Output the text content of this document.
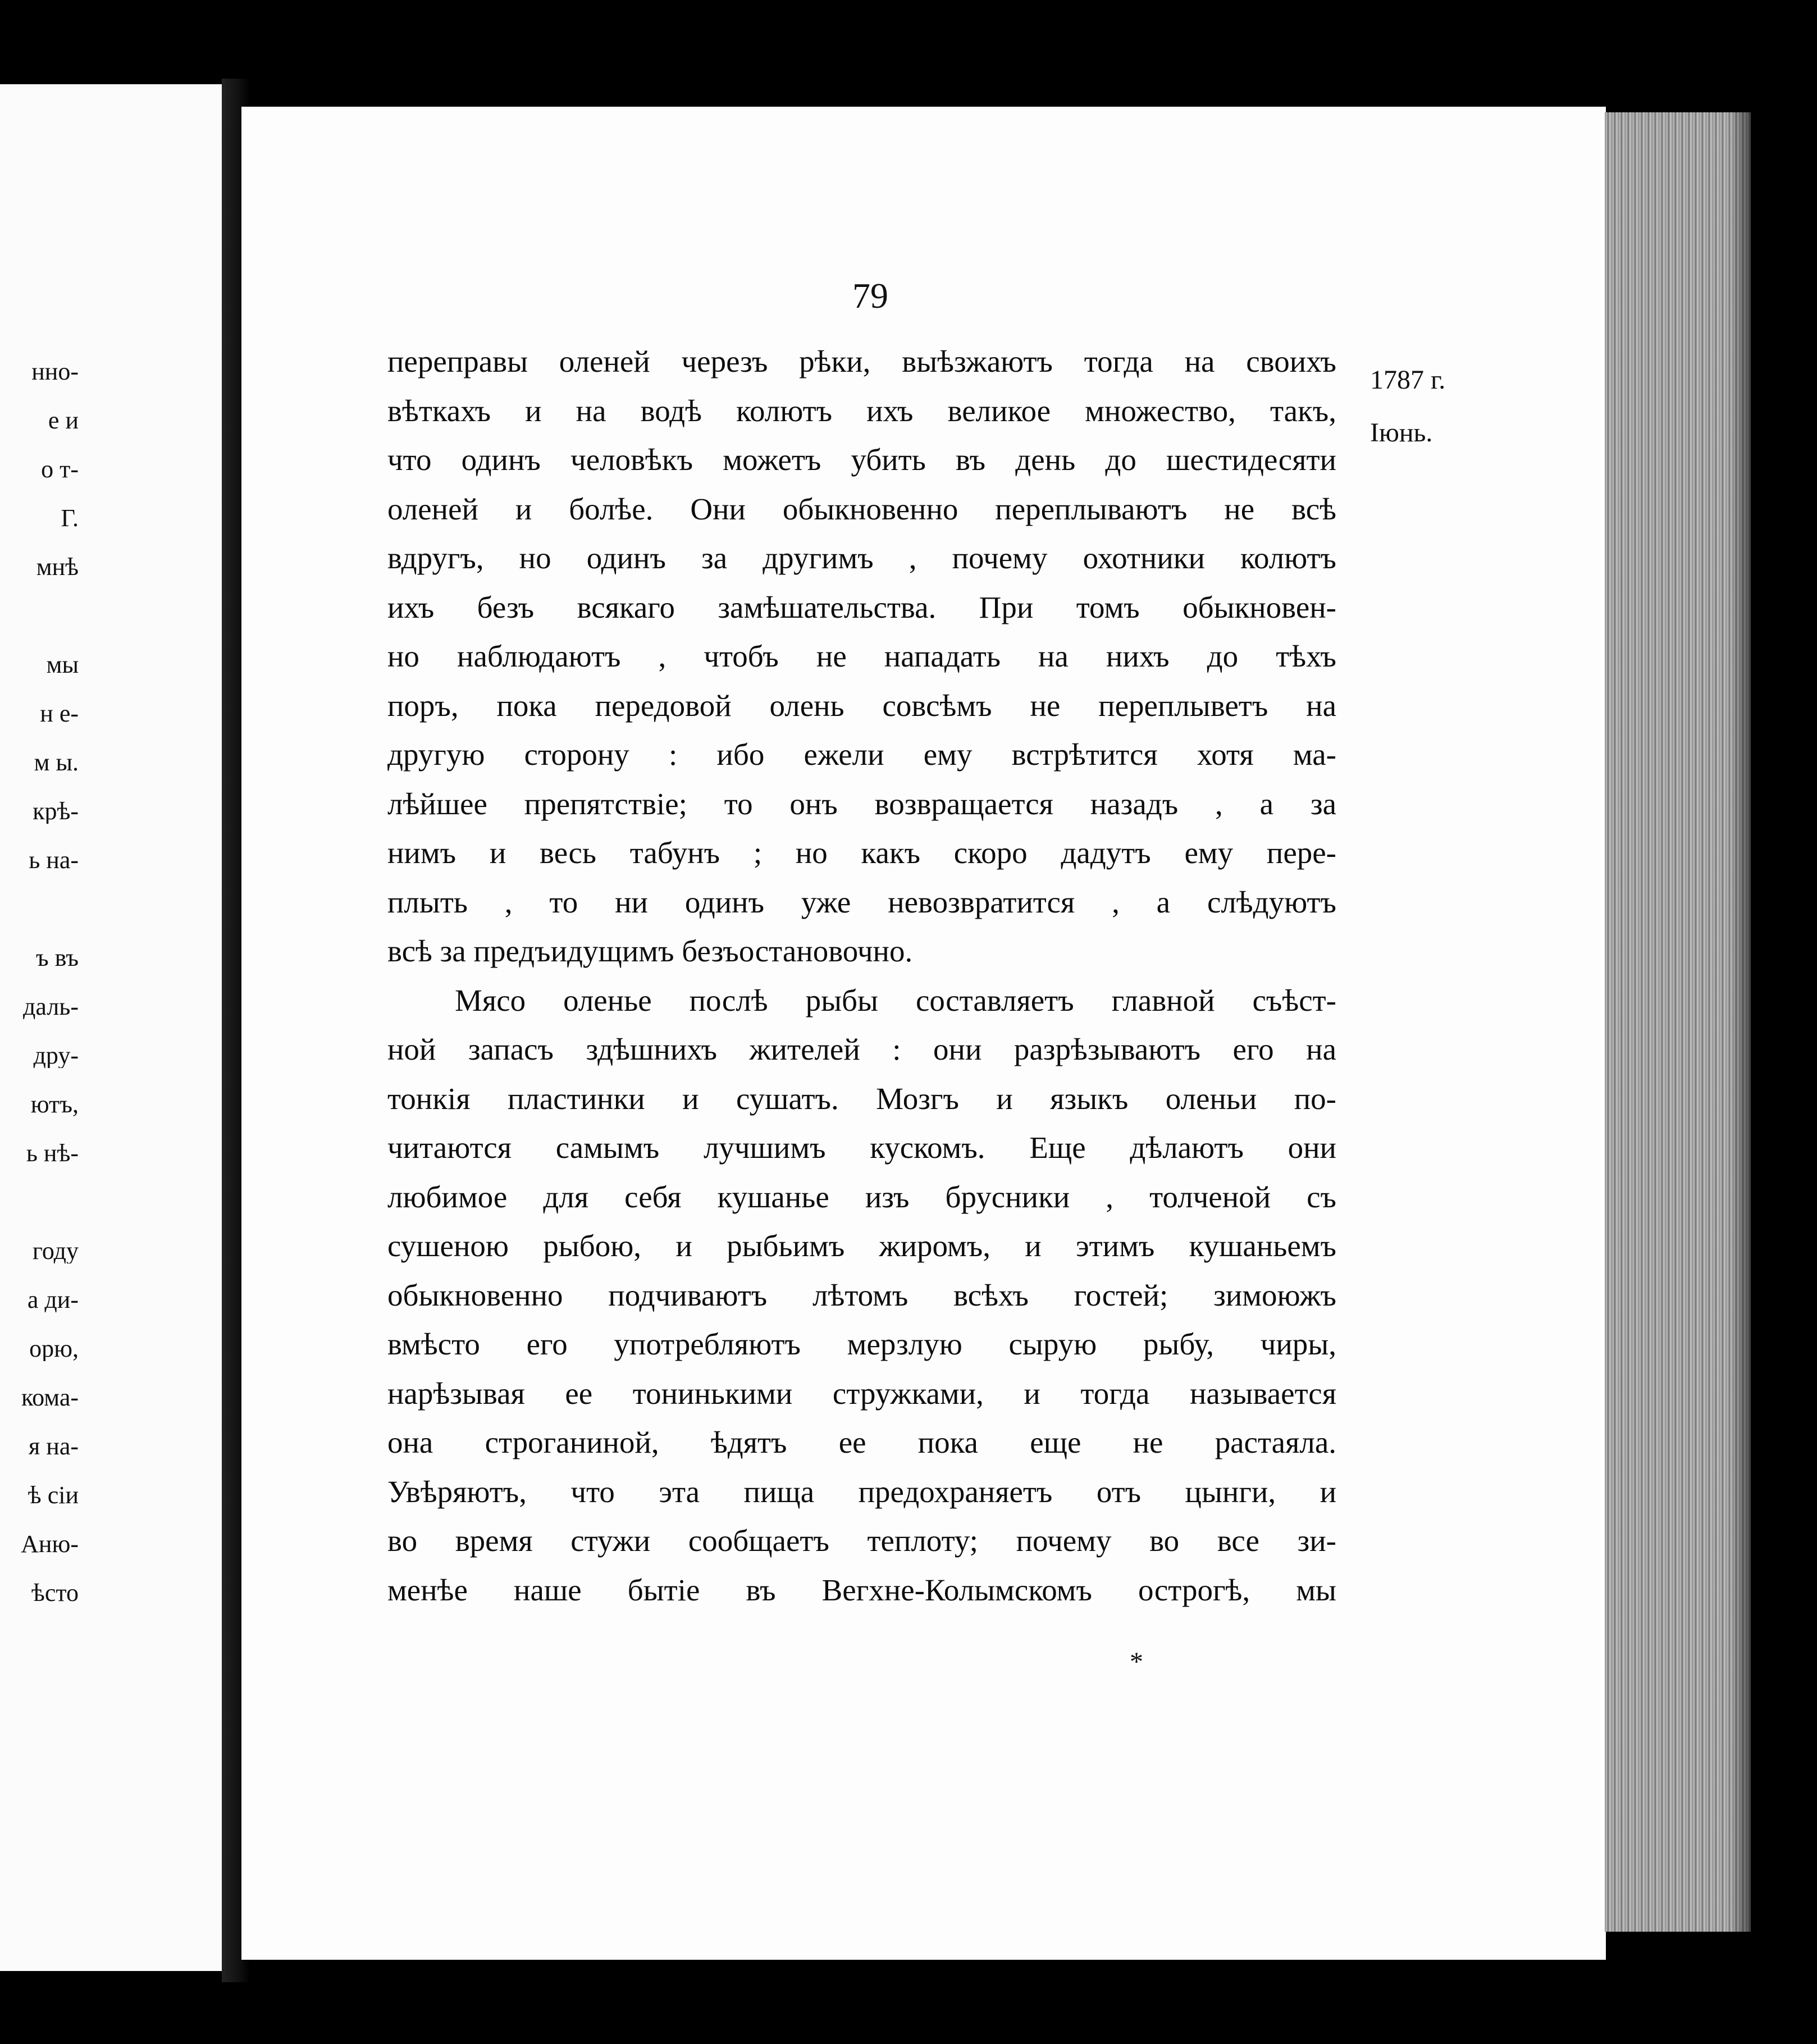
нно-
е и
о т-
Г.
мнѣ
мы
н е-
м ы.
крѣ-
ь на-
ъ въ
даль-
дру-
ютъ,
ь нѣ-
году
а ди-
орю,
кома-
я на-
ѣ сіи
Аню-
ѣсто
79
1787 г.
Іюнь.
переправы оленей черезъ рѣки, выѣзжаютъ тогда на своихъ
вѣткахъ и на водѣ колютъ ихъ великое множество, такъ,
что одинъ человѣкъ можетъ убить въ день до шестидесяти
оленей и болѣе. Они обыкновенно переплываютъ не всѣ
вдругъ, но одинъ за другимъ , почему охотники колютъ
ихъ безъ всякаго замѣшательства. При томъ обыкновен-
но наблюдаютъ , чтобъ не нападать на нихъ до тѣхъ
поръ, пока передовой олень совсѣмъ не переплыветъ на
другую сторону : ибо ежели ему встрѣтится хотя ма-
лѣйшее препятствіе; то онъ возвращается назадъ , а за
нимъ и весь табунъ ; но какъ скоро дадутъ ему пере-
плыть , то ни одинъ уже невозвратится , а слѣдуютъ
всѣ за предъидущимъ безъостановочно.
Мясо оленье послѣ рыбы составляетъ главной съѣст-
ной запасъ здѣшнихъ жителей : они разрѣзываютъ его на
тонкія пластинки и сушатъ. Мозгъ и языкъ оленьи по-
читаются самымъ лучшимъ кускомъ. Еще дѣлаютъ они
любимое для себя кушанье изъ брусники , толченой съ
сушеною рыбою, и рыбьимъ жиромъ, и этимъ кушаньемъ
обыкновенно подчиваютъ лѣтомъ всѣхъ гостей; зимоюжъ
вмѣсто его употребляютъ мерзлую сырую рыбу, чиры,
нарѣзывая ее тонинькими стружками, и тогда называется
она строганиной, ѣдятъ ее пока еще не растаяла.
Увѣряютъ, что эта пища предохраняетъ отъ цынги, и
во время стужи сообщаетъ теплоту; почему во все зи-
менѣе наше бытіе въ Вегхне-Колымскомъ острогѣ, мы
*
